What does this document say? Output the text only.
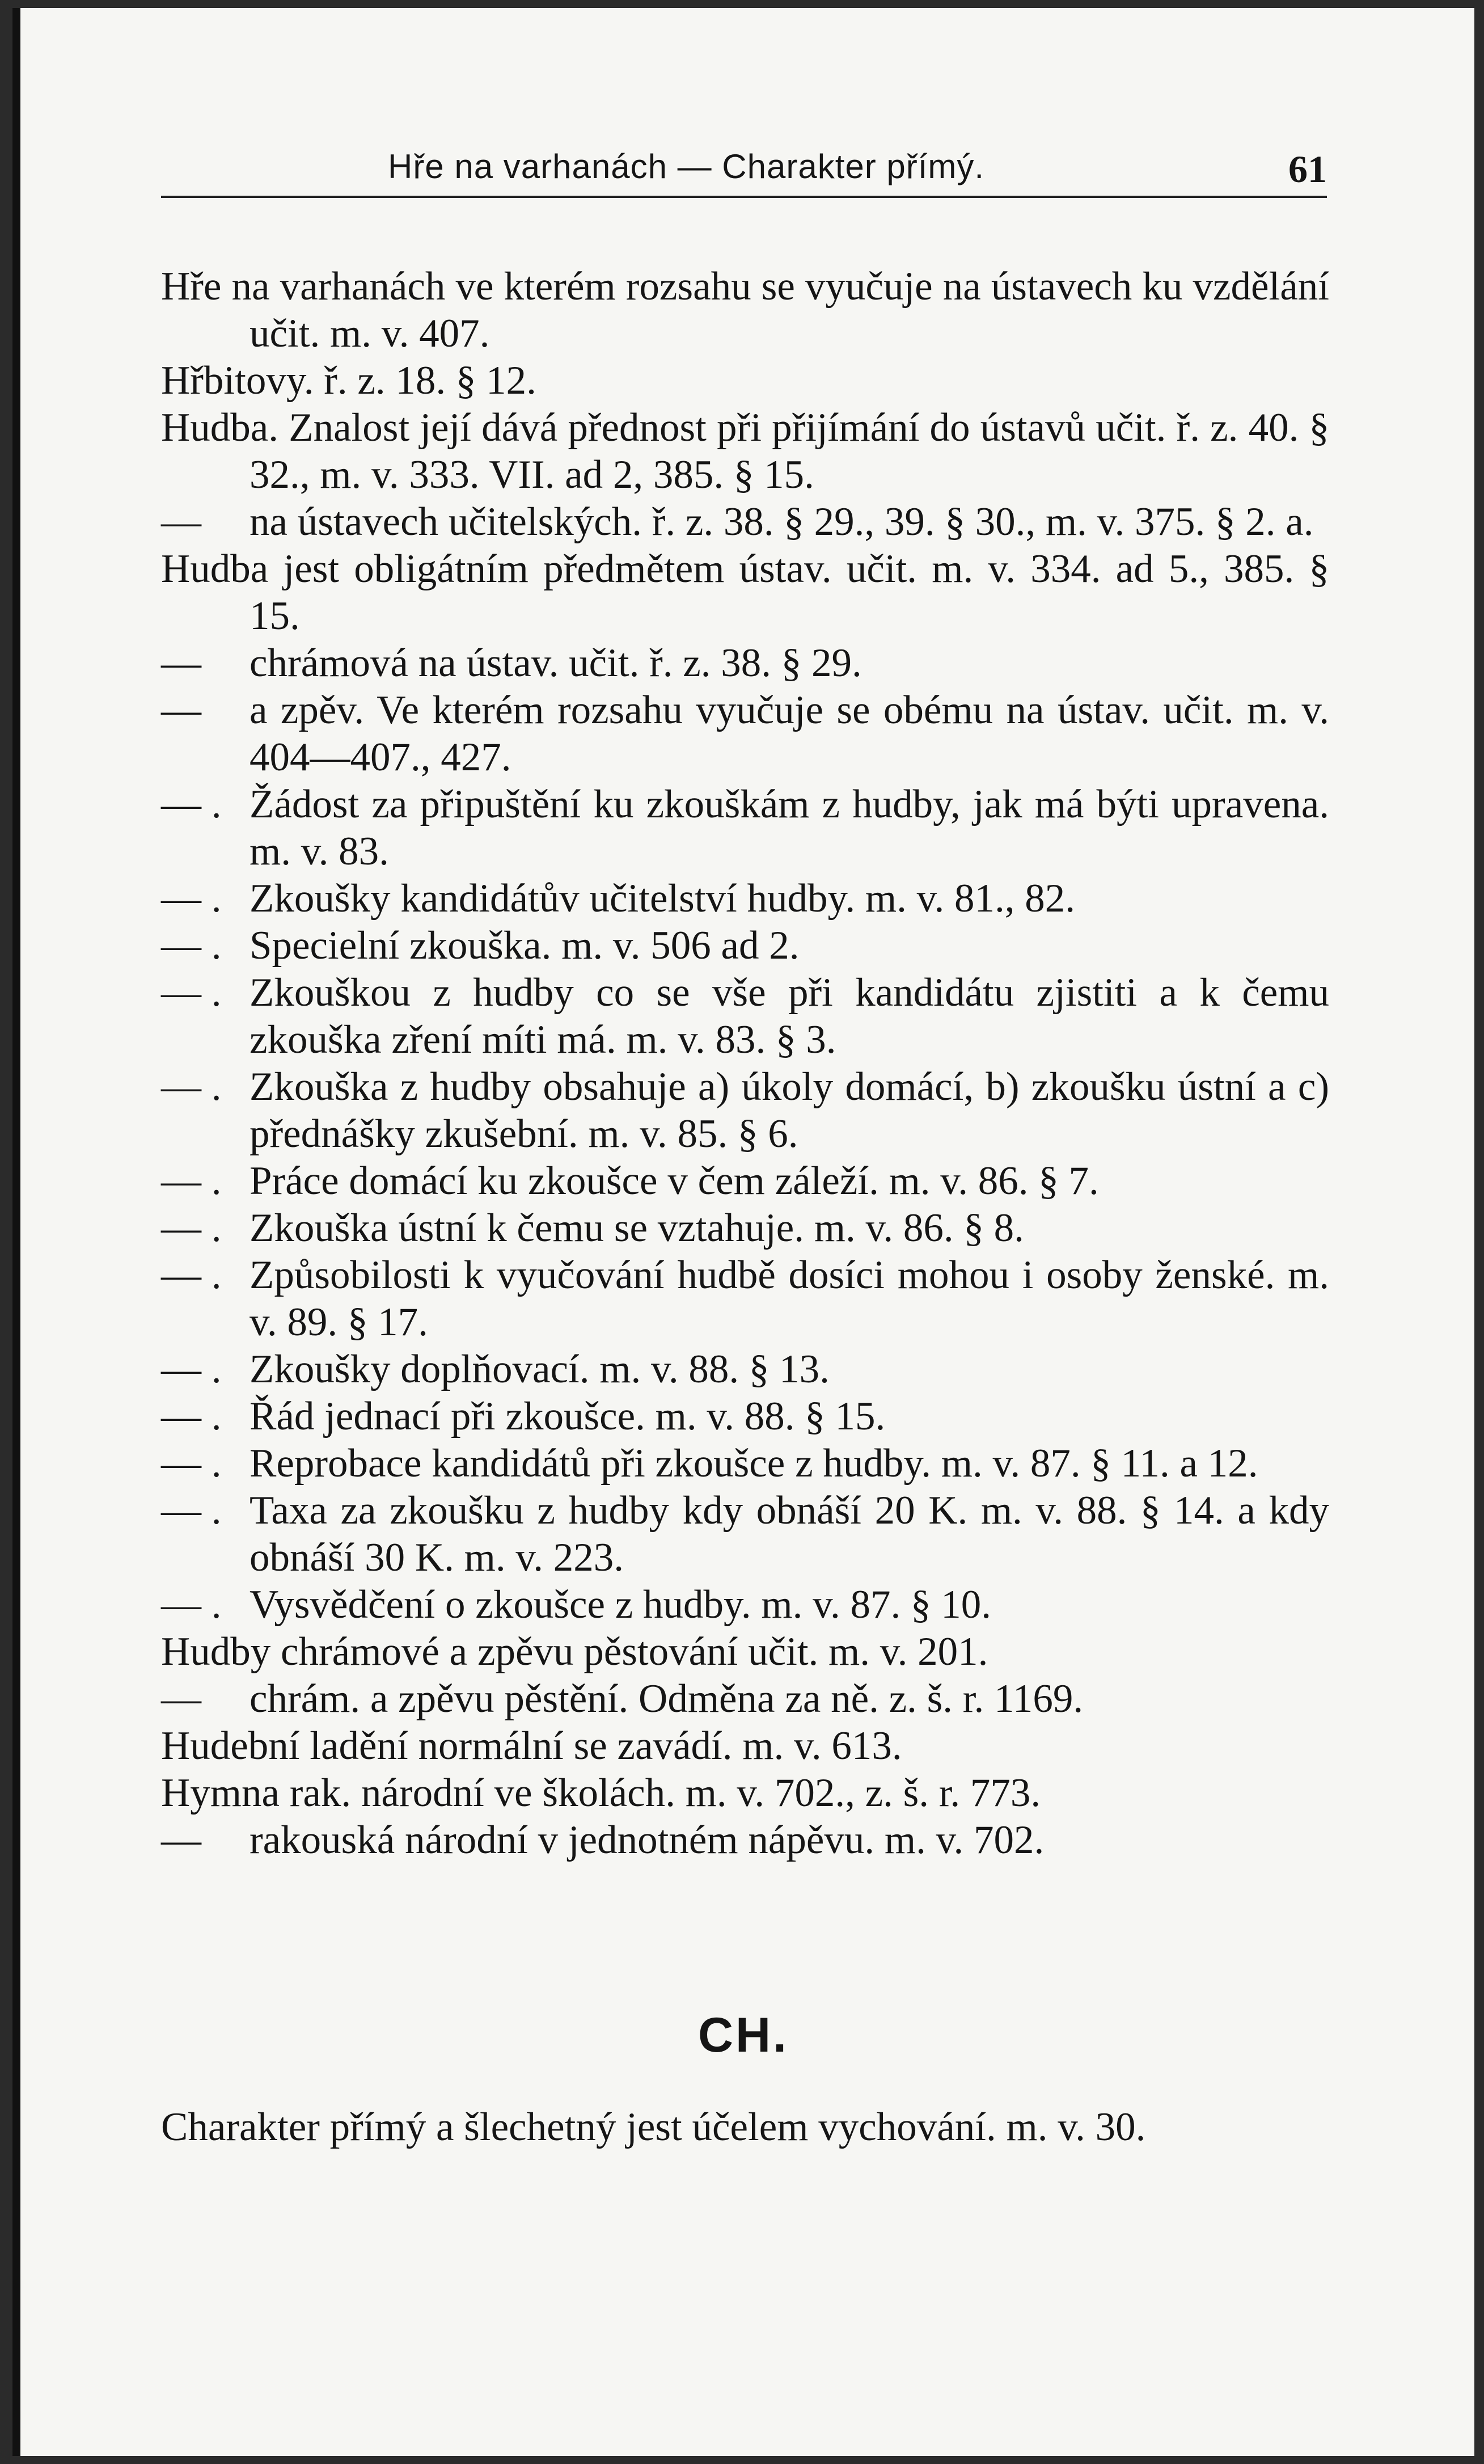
Hře na varhanách — Charakter přímý.	61

Hře na varhanách ve kterém rozsahu se vyučuje na ústavech ku vzdělání učit. m. v. 407.

Hřbitovy. ř. z. 18. § 12.

Hudba. Znalost její dává přednost při přijímání do ústavů učit. ř. z. 40. § 32., m. v. 333. VII. ad 2, 385. § 15.

— na ústavech učitelských. ř. z. 38. § 29., 39. § 30., m. v. 375. § 2. a.

Hudba jest obligátním předmětem ústav. učit. m. v. 334. ad 5., 385. § 15.

— chrámová na ústav. učit. ř. z. 38. § 29.

— a zpěv. Ve kterém rozsahu vyučuje se obému na ústav. učit. m. v. 404—407., 427.

— . Žádost za připuštění ku zkouškám z hudby, jak má býti upravena. m. v. 83.

— . Zkoušky kandidátův učitelství hudby. m. v. 81., 82.

— . Specielní zkouška. m. v. 506 ad 2.

— . Zkouškou z hudby co se vše při kandidátu zjistiti a k čemu zkouška zření míti má. m. v. 83. § 3.

— . Zkouška z hudby obsahuje a) úkoly domácí, b) zkoušku ústní a c) přednášky zkušební. m. v. 85. § 6.

— . Práce domácí ku zkoušce v čem záleží. m. v. 86. § 7.

— . Zkouška ústní k čemu se vztahuje. m. v. 86. § 8.

— . Způsobilosti k vyučování hudbě dosíci mohou i osoby ženské. m. v. 89. § 17.

— . Zkoušky doplňovací. m. v. 88. § 13.

— . Řád jednací při zkoušce. m. v. 88. § 15.

— . Reprobace kandidátů při zkoušce z hudby. m. v. 87. § 11. a 12.

— . Taxa za zkoušku z hudby kdy obnáší 20 K. m. v. 88. § 14. a kdy obnáší 30 K. m. v. 223.

— . Vysvědčení o zkoušce z hudby. m. v. 87. § 10.

Hudby chrámové a zpěvu pěstování učit. m. v. 201.

— chrám. a zpěvu pěstění. Odměna za ně. z. š. r. 1169.

Hudební ladění normální se zavádí. m. v. 613.

Hymna rak. národní ve školách. m. v. 702., z. š. r. 773.

— rakouská národní v jednotném nápěvu. m. v. 702.

CH.

Charakter přímý a šlechetný jest účelem vychování. m. v. 30.
